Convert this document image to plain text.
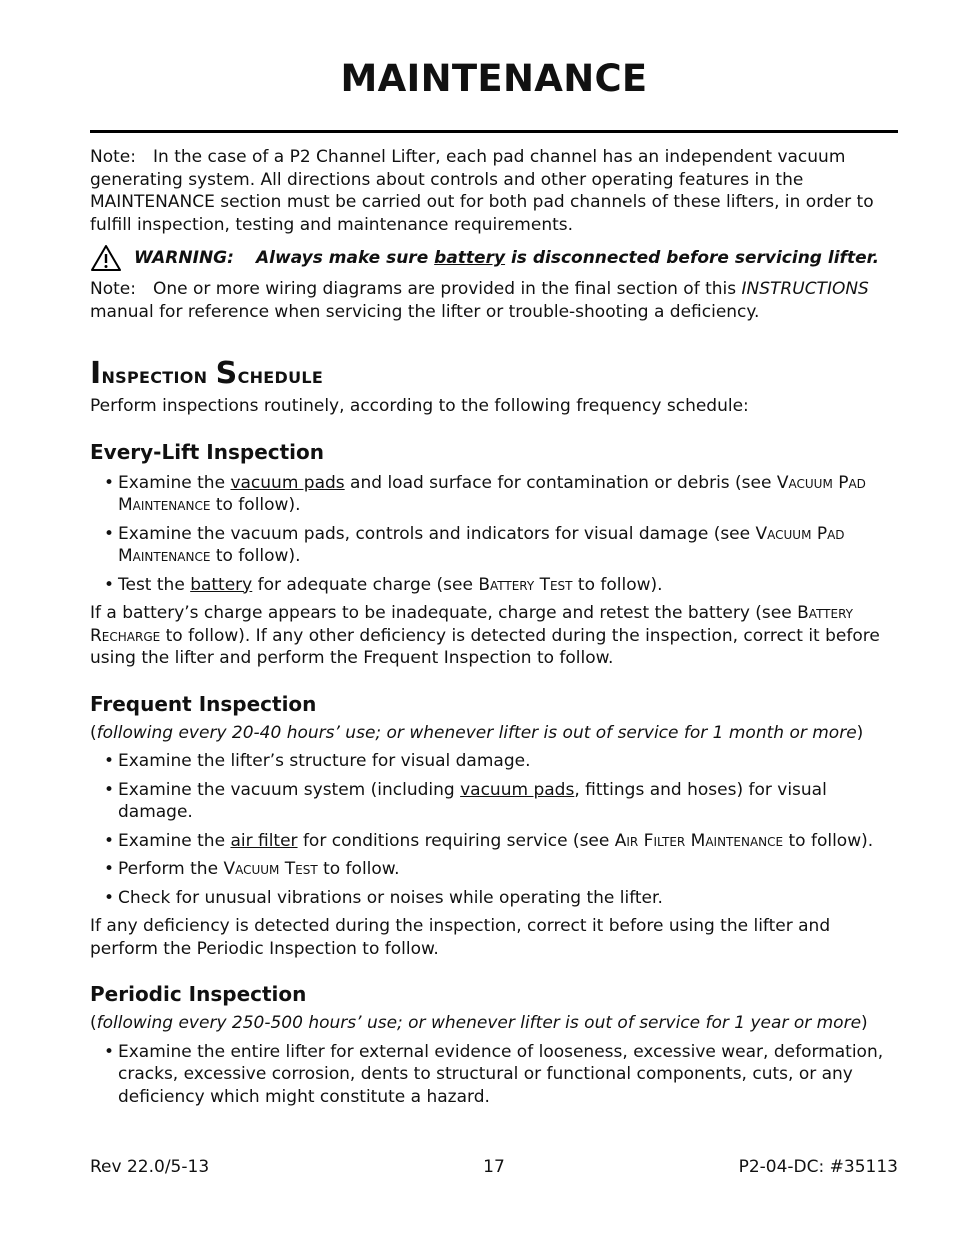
MAINTENANCE

Note: In the case of a P2 Channel Lifter, each pad channel has an independent vacuum generating system. All directions about controls and other operating features in the MAINTENANCE section must be carried out for both pad channels of these lifters, in order to fulfill inspection, testing and maintenance requirements.

WARNING: Always make sure battery is disconnected before servicing lifter.

Note: One or more wiring diagrams are provided in the final section of this INSTRUCTIONS manual for reference when servicing the lifter or trouble-shooting a deficiency.

Inspection Schedule

Perform inspections routinely, according to the following frequency schedule:

Every-Lift Inspection

• Examine the vacuum pads and load surface for contamination or debris (see Vacuum Pad Maintenance to follow).

• Examine the vacuum pads, controls and indicators for visual damage (see Vacuum Pad Maintenance to follow).

• Test the battery for adequate charge (see Battery Test to follow).

If a battery’s charge appears to be inadequate, charge and retest the battery (see Battery Recharge to follow). If any other deficiency is detected during the inspection, correct it before using the lifter and perform the Frequent Inspection to follow.

Frequent Inspection

(following every 20-40 hours’ use; or whenever lifter is out of service for 1 month or more)

• Examine the lifter’s structure for visual damage.

• Examine the vacuum system (including vacuum pads, fittings and hoses) for visual damage.

• Examine the air filter for conditions requiring service (see Air Filter Maintenance to follow).

• Perform the Vacuum Test to follow.

• Check for unusual vibrations or noises while operating the lifter.

If any deficiency is detected during the inspection, correct it before using the lifter and perform the Periodic Inspection to follow.

Periodic Inspection

(following every 250-500 hours’ use; or whenever lifter is out of service for 1 year or more)

• Examine the entire lifter for external evidence of looseness, excessive wear, deformation, cracks, excessive corrosion, dents to structural or functional components, cuts, or any deficiency which might constitute a hazard.

Rev 22.0/5-13	17	P2-04-DC: #35113
